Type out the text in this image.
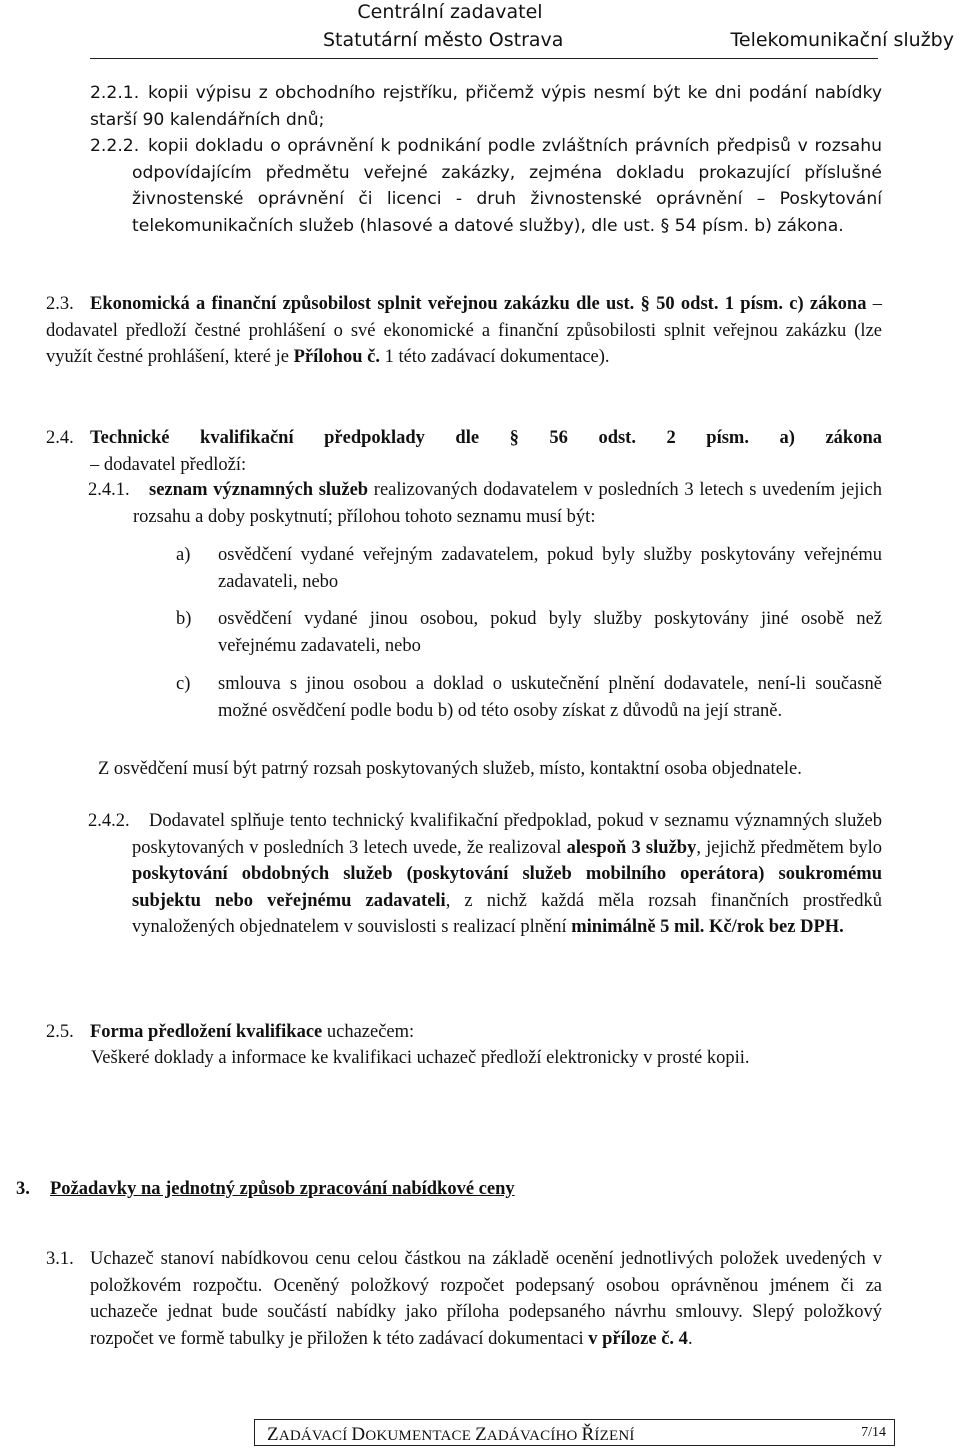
Centrální zadavatel
Statutární město Ostrava	Telekomunikační služby
2.2.1. kopii výpisu z obchodního rejstříku, přičemž výpis nesmí být ke dni podání nabídky starší 90 kalendářních dnů;
2.2.2. kopii dokladu o oprávnění k podnikání podle zvláštních právních předpisů v rozsahu odpovídajícím předmětu veřejné zakázky, zejména dokladu prokazující příslušné živnostenské oprávnění či licenci - druh živnostenské oprávnění – Poskytování telekomunikačních služeb (hlasové a datové služby), dle ust. § 54 písm. b) zákona.
2.3. Ekonomická a finanční způsobilost splnit veřejnou zakázku dle ust. § 50 odst. 1 písm. c) zákona – dodavatel předloží čestné prohlášení o své ekonomické a finanční způsobilosti splnit veřejnou zakázku (lze využít čestné prohlášení, které je Přílohou č. 1 této zadávací dokumentace).
2.4. Technické kvalifikační předpoklady dle § 56 odst. 2 písm. a) zákona
– dodavatel předloží:
2.4.1.	seznam významných služeb realizovaných dodavatelem v posledních 3 letech s uvedením jejich rozsahu a doby poskytnutí; přílohou tohoto seznamu musí být:
a)	osvědčení vydané veřejným zadavatelem, pokud byly služby poskytovány veřejnému zadavateli, nebo
b)	osvědčení vydané jinou osobou, pokud byly služby poskytovány jiné osobě než veřejnému zadavateli, nebo
c)	smlouva s jinou osobou a doklad o uskutečnění plnění dodavatele, není-li současně možné osvědčení podle bodu b) od této osoby získat z důvodů na její straně.
Z osvědčení musí být patrný rozsah poskytovaných služeb, místo, kontaktní osoba objednatele.
2.4.2.	Dodavatel splňuje tento technický kvalifikační předpoklad, pokud v seznamu významných služeb poskytovaných v posledních 3 letech uvede, že realizoval alespoň 3 služby, jejichž předmětem bylo poskytování obdobných služeb (poskytování služeb mobilního operátora) soukromému subjektu nebo veřejnému zadavateli, z nichž každá měla rozsah finančních prostředků vynaložených objednatelem v souvislosti s realizací plnění minimálně 5 mil. Kč/rok bez DPH.
2.5. Forma předložení kvalifikace uchazečem:
Veškeré doklady a informace ke kvalifikaci uchazeč předloží elektronicky v prosté kopii.
3. Požadavky na jednotný způsob zpracování nabídkové ceny
3.1. Uchazeč stanoví nabídkovou cenu celou částkou na základě ocenění jednotlivých položek uvedených v položkovém rozpočtu. Oceněný položkový rozpočet podepsaný osobou oprávněnou jménem či za uchazeče jednat bude součástí nabídky jako příloha podepsaného návrhu smlouvy. Slepý položkový rozpočet ve formě tabulky je přiložen k této zadávací dokumentaci v příloze č. 4.
ZADÁVACÍ DOKUMENTACE ZADÁVACÍHO ŘÍZENÍ	7/14
